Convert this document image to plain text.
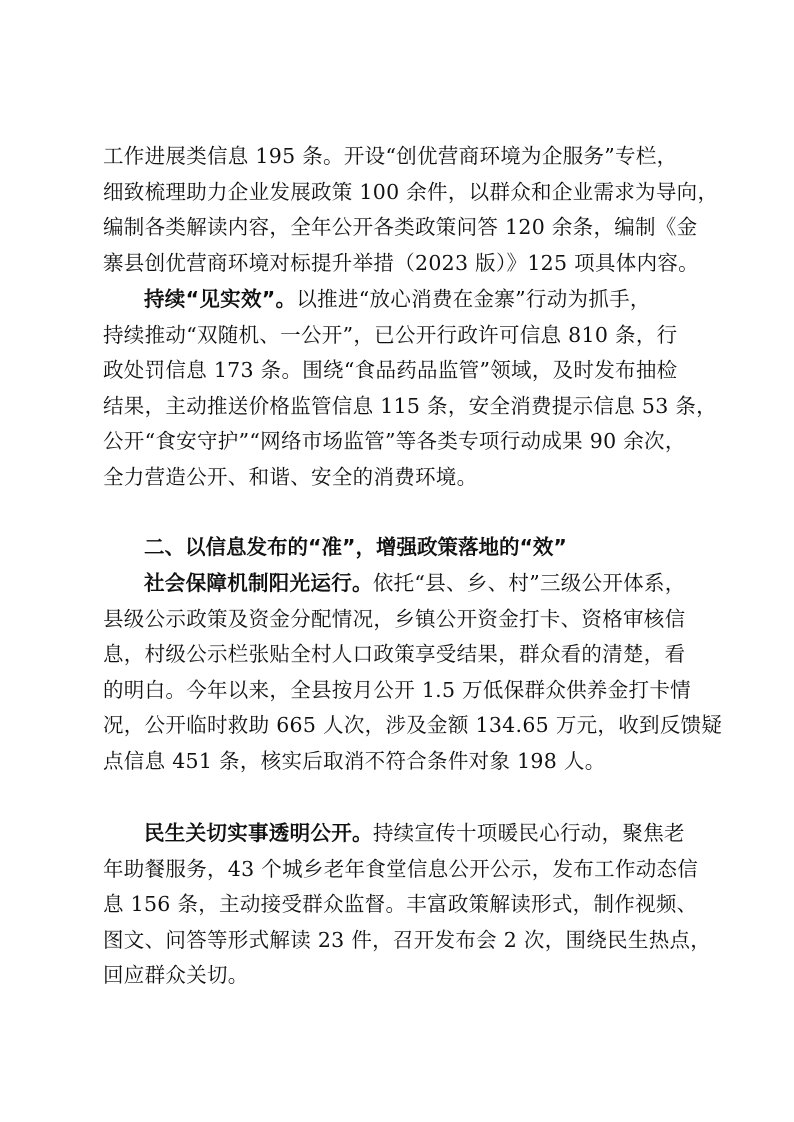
工作进展类信息 195 条。开设“创优营商环境为企服务”专栏，
细致梳理助力企业发展政策 100 余件，以群众和企业需求为导向，
编制各类解读内容，全年公开各类政策问答 120 余条，编制《金
寨县创优营商环境对标提升举措（2023 版）》125 项具体内容。
持续“见实效”。以推进“放心消费在金寨”行动为抓手，
持续推动“双随机、一公开”，已公开行政许可信息 810 条，行
政处罚信息 173 条。围绕“食品药品监管”领域，及时发布抽检
结果，主动推送价格监管信息 115 条，安全消费提示信息 53 条，
公开“食安守护”“网络市场监管”等各类专项行动成果 90 余次，
全力营造公开、和谐、安全的消费环境。
二、以信息发布的“准”，增强政策落地的“效”
社会保障机制阳光运行。依托“县、乡、村”三级公开体系，
县级公示政策及资金分配情况，乡镇公开资金打卡、资格审核信
息，村级公示栏张贴全村人口政策享受结果，群众看的清楚，看
的明白。今年以来，全县按月公开 1.5 万低保群众供养金打卡情
况，公开临时救助 665 人次，涉及金额 134.65 万元，收到反馈疑
点信息 451 条，核实后取消不符合条件对象 198 人。
民生关切实事透明公开。持续宣传十项暖民心行动，聚焦老
年助餐服务，43 个城乡老年食堂信息公开公示，发布工作动态信
息 156 条，主动接受群众监督。丰富政策解读形式，制作视频、
图文、问答等形式解读 23 件，召开发布会 2 次，围绕民生热点，
回应群众关切。
